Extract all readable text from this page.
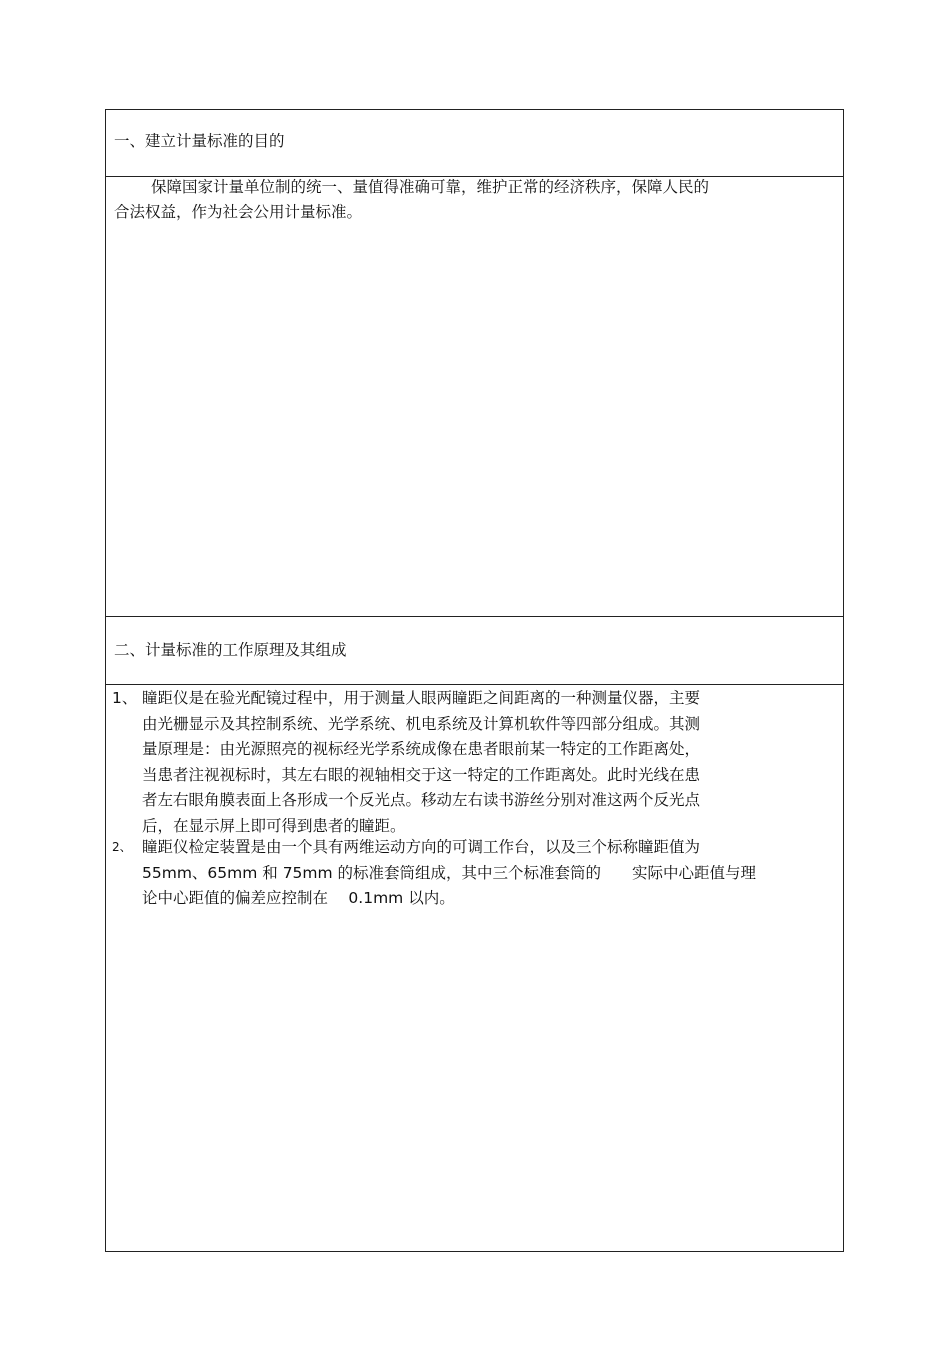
一、建立计量标准的目的
保障国家计量单位制的统一、量值得准确可靠，维护正常的经济秩序，保障人民的
合法权益，作为社会公用计量标准。
二、计量标准的工作原理及其组成
1、 瞳距仪是在验光配镜过程中，用于测量人眼两瞳距之间距离的一种测量仪器，主要
由光栅显示及其控制系统、光学系统、机电系统及计算机软件等四部分组成。其测
量原理是：由光源照亮的视标经光学系统成像在患者眼前某一特定的工作距离处，
当患者注视视标时，其左右眼的视轴相交于这一特定的工作距离处。此时光线在患
者左右眼角膜表面上各形成一个反光点。移动左右读书游丝分别对准这两个反光点
后，在显示屏上即可得到患者的瞳距。
2、 瞳距仪检定装置是由一个具有两维运动方向的可调工作台，以及三个标称瞳距值为
55mm、65mm 和 75mm 的标准套筒组成，其中三个标准套筒的　　实际中心距值与理
论中心距值的偏差应控制在　 0.1mm 以内。
